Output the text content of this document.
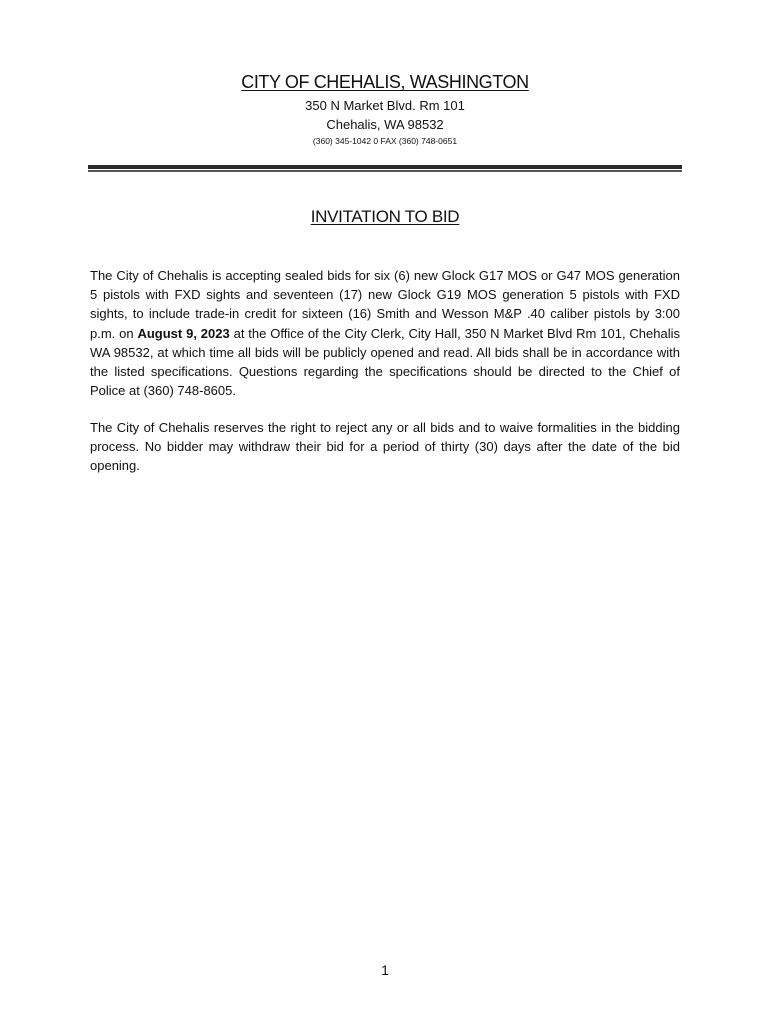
CITY OF CHEHALIS, WASHINGTON

350 N Market Blvd. Rm 101

Chehalis, WA 98532

(360) 345-1042 0 FAX (360) 748-0651

INVITATION TO BID

The City of Chehalis is accepting sealed bids for six (6) new Glock G17 MOS or G47 MOS generation 5 pistols with FXD sights and seventeen (17) new Glock G19 MOS generation 5 pistols with FXD sights, to include trade-in credit for sixteen (16) Smith and Wesson M&P .40 caliber pistols by 3:00 p.m. on August 9, 2023 at the Office of the City Clerk, City Hall, 350 N Market Blvd Rm 101, Chehalis WA 98532, at which time all bids will be publicly opened and read. All bids shall be in accordance with the listed specifications. Questions regarding the specifications should be directed to the Chief of Police at (360) 748-8605.

The City of Chehalis reserves the right to reject any or all bids and to waive formalities in the bidding process. No bidder may withdraw their bid for a period of thirty (30) days after the date of the bid opening.

1
